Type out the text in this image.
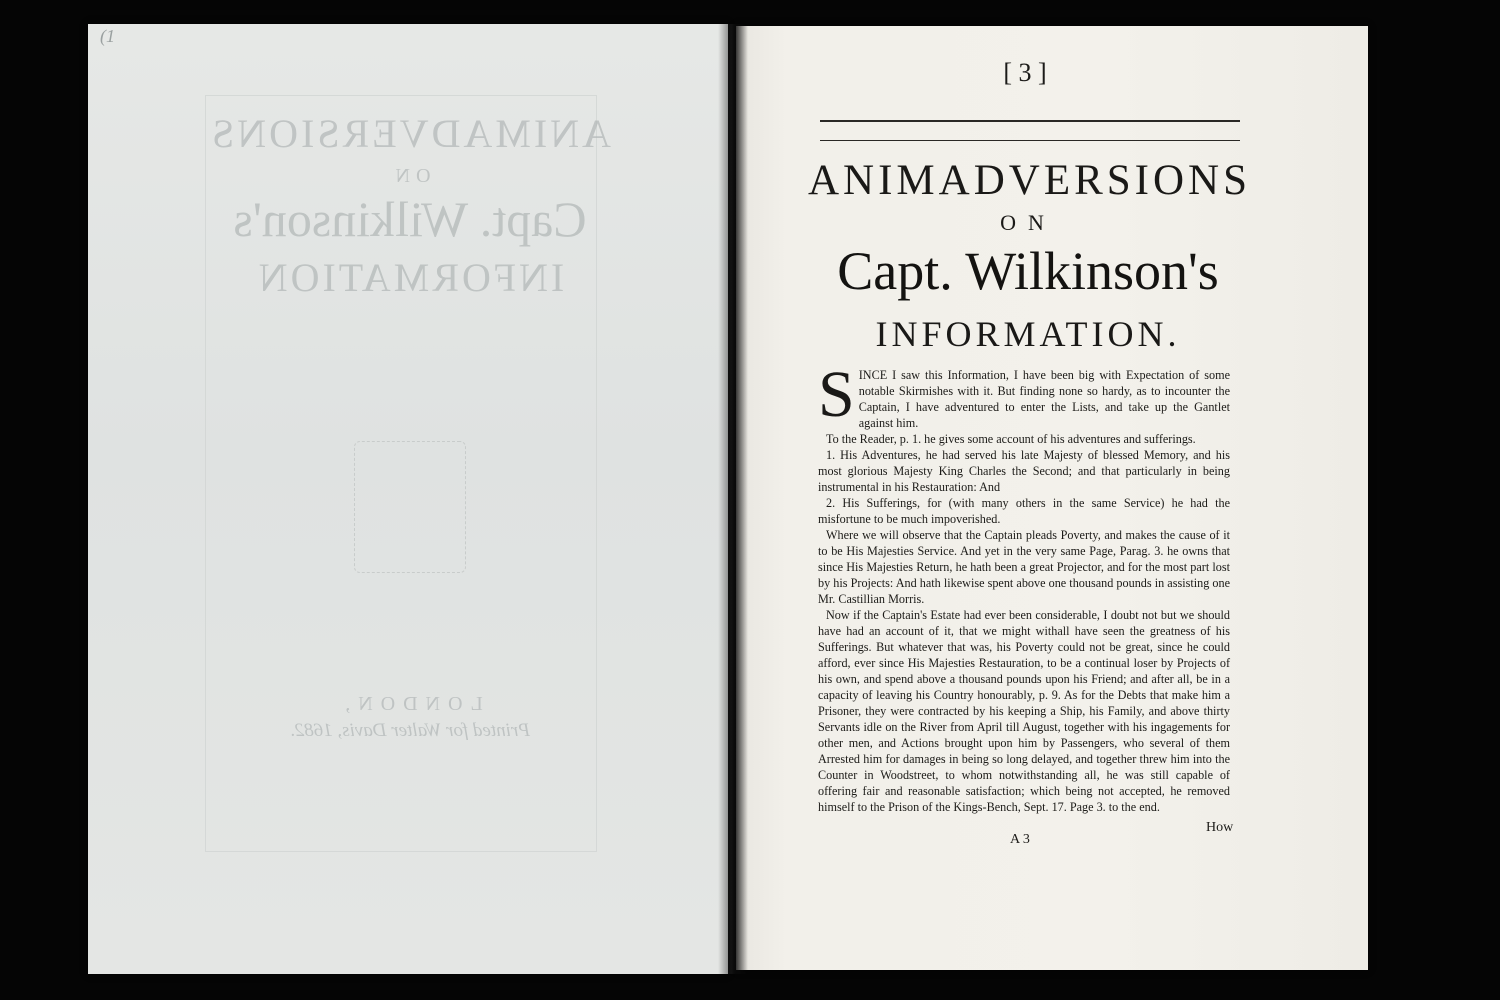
(1
ANIMADVERSIONS
ON
Capt. Wilkinson's
INFORMATION
LONDON,
Printed for Walter Davis, 1682.
[ 3 ]
ANIMADVERSIONS
ON
Capt. Wilkinson's
INFORMATION.

SINCE I saw this Information, I have been big with Expectation of some notable Skirmishes with it. But finding none so hardy, as to incounter the Captain, I have adventured to enter the Lists, and take up the Gantlet against him.

To the Reader, p. 1. he gives some account of his adventures and sufferings.

1. His Adventures, he had served his late Majesty of blessed Memory, and his most glorious Majesty King Charles the Second; and that particularly in being instrumental in his Restauration: And

2. His Sufferings, for (with many others in the same Service) he had the misfortune to be much impoverished.

Where we will observe that the Captain pleads Poverty, and makes the cause of it to be His Majesties Service. And yet in the very same Page, Parag. 3. he owns that since His Majesties Return, he hath been a great Projector, and for the most part lost by his Projects: And hath likewise spent above one thousand pounds in assisting one Mr. Castillian Morris.

Now if the Captain's Estate had ever been considerable, I doubt not but we should have had an account of it, that we might withall have seen the greatness of his Sufferings. But whatever that was, his Poverty could not be great, since he could afford, ever since His Majesties Restauration, to be a continual loser by Projects of his own, and spend above a thousand pounds upon his Friend; and after all, be in a capacity of leaving his Country honourably, p. 9. As for the Debts that make him a Prisoner, they were contracted by his keeping a Ship, his Family, and above thirty Servants idle on the River from April till August, together with his ingagements for other men, and Actions brought upon him by Passengers, who several of them Arrested him for damages in being so long delayed, and together threw him into the Counter in Woodstreet, to whom notwithstanding all, he was still capable of offering fair and reasonable satisfaction; which being not accepted, he removed himself to the Prison of the Kings-Bench, Sept. 17. Page 3. to the end.

A 3
How
